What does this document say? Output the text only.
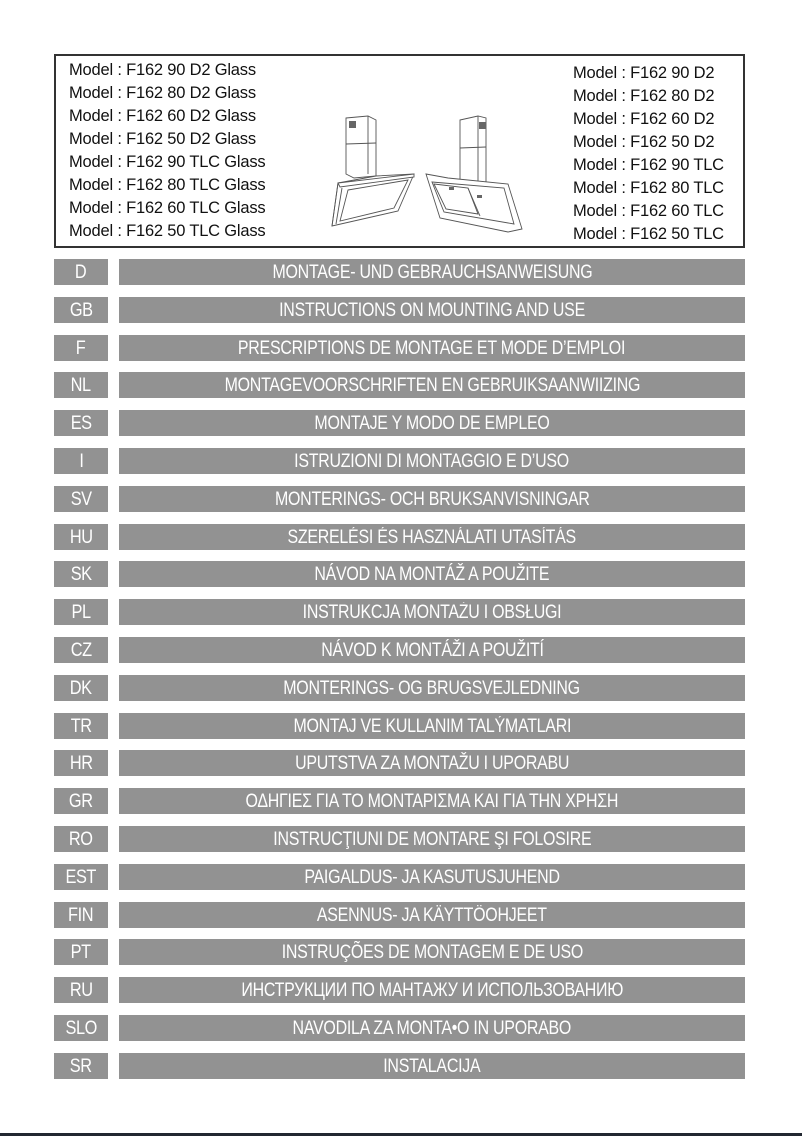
Model : F162 90 D2 Glass
Model : F162 80 D2 Glass
Model : F162 60 D2 Glass
Model : F162 50 D2 Glass
Model : F162 90 TLC Glass
Model : F162 80 TLC Glass
Model : F162 60 TLC Glass
Model : F162 50 TLC Glass
Model : F162 90 D2
Model : F162 80 D2
Model : F162 60 D2
Model : F162 50 D2
Model : F162 90 TLC
Model : F162 80 TLC
Model : F162 60 TLC
Model : F162 50 TLC
D	MONTAGE- UND GEBRAUCHSANWEISUNG
GB	INSTRUCTIONS ON MOUNTING AND USE
F	PRESCRIPTIONS DE MONTAGE ET MODE D’EMPLOI
NL	MONTAGEVOORSCHRIFTEN EN GEBRUIKSAANWIIZING
ES	MONTAJE Y MODO DE EMPLEO
I	ISTRUZIONI DI MONTAGGIO E D’USO
SV	MONTERINGS- OCH BRUKSANVISNINGAR
HU	SZERELÉSI ÉS HASZNÁLATI UTASÍTÁS
SK	NÁVOD NA MONTÁŽ A POUŽITE
PL	INSTRUKCJA MONTAŻU I OBSŁUGI
CZ	NÁVOD K MONTÁŽI A POUŽITÍ
DK	MONTERINGS- OG BRUGSVEJLEDNING
TR	MONTAJ VE KULLANIM TALÝMATLARI
HR	UPUTSTVA ZA MONTAŽU I UPORABU
GR	ΟΔΗΓΙΕΣ ΓΙΑ ΤΟ ΜΟΝΤΑΡΙΣΜΑ ΚΑΙ ΓΙΑ ΤΗΝ ΧΡΗΣΗ
RO	INSTRUCŢIUNI DE MONTARE ŞI FOLOSIRE
EST	PAIGALDUS- JA KASUTUSJUHEND
FIN	ASENNUS- JA KÄYTTÖOHJEET
PT	INSTRUÇÕES DE MONTAGEM E DE USO
RU	ИНСТРУКЦИИ ПО МАНТАЖУ И ИСПОЛЬЗОВАНИЮ
SLO	NAVODILA ZA MONTA•O IN UPORABO
SR	INSTALACIJA
